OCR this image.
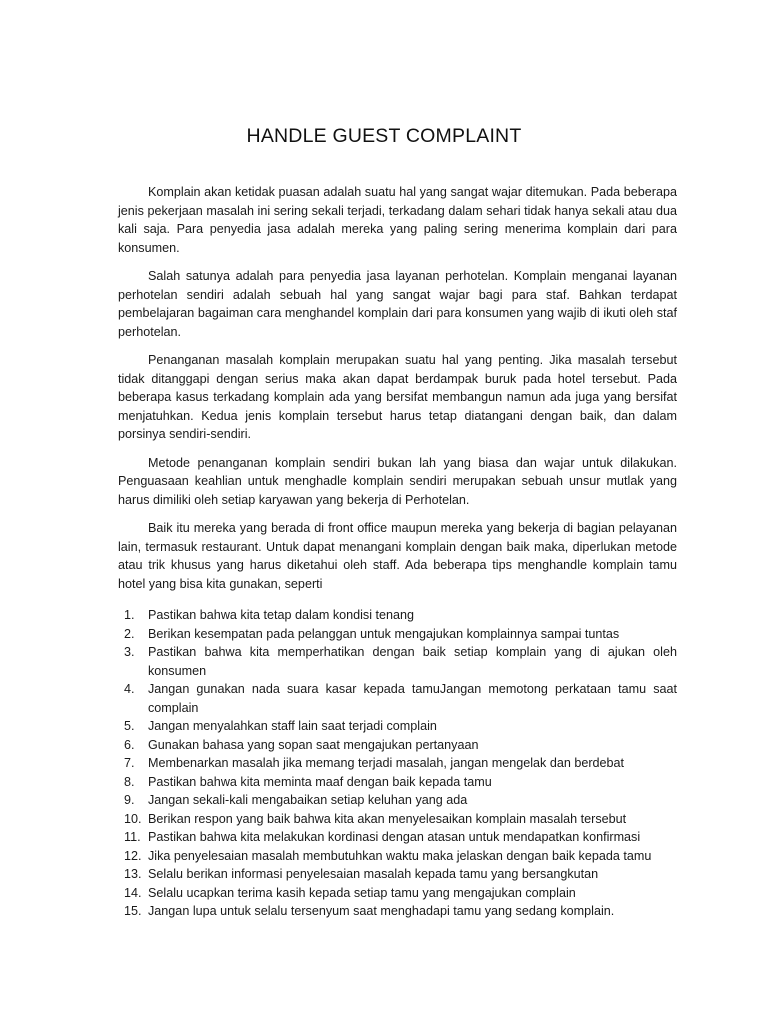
HANDLE GUEST COMPLAINT

Komplain akan ketidak puasan adalah suatu hal yang sangat wajar ditemukan. Pada beberapa jenis pekerjaan masalah ini sering sekali terjadi, terkadang dalam sehari tidak hanya sekali atau dua kali saja. Para penyedia jasa adalah mereka yang paling sering menerima komplain dari para konsumen.

Salah satunya adalah para penyedia jasa layanan perhotelan. Komplain menganai layanan perhotelan sendiri adalah sebuah hal yang sangat wajar bagi para staf. Bahkan terdapat pembelajaran bagaiman cara menghandel komplain dari para konsumen yang wajib di ikuti oleh staf perhotelan.

Penanganan masalah komplain merupakan suatu hal yang penting. Jika masalah tersebut tidak ditanggapi dengan serius maka akan dapat berdampak buruk pada hotel tersebut. Pada beberapa kasus terkadang komplain ada yang bersifat membangun namun ada juga yang bersifat menjatuhkan. Kedua jenis komplain tersebut harus tetap diatangani dengan baik, dan dalam porsinya sendiri-sendiri.

Metode penanganan komplain sendiri bukan lah yang biasa dan wajar untuk dilakukan. Penguasaan keahlian untuk menghadle komplain sendiri merupakan sebuah unsur mutlak yang harus dimiliki oleh setiap karyawan yang bekerja di Perhotelan.

Baik itu mereka yang berada di front office maupun mereka yang bekerja di bagian pelayanan lain, termasuk restaurant. Untuk dapat menangani komplain dengan baik maka, diperlukan metode atau trik khusus yang harus diketahui oleh staff. Ada beberapa tips menghandle komplain tamu hotel yang bisa kita gunakan, seperti

1.	Pastikan bahwa kita tetap dalam kondisi tenang
2.	Berikan kesempatan pada pelanggan untuk mengajukan komplainnya sampai tuntas
3.	Pastikan bahwa kita memperhatikan dengan baik setiap komplain yang di ajukan oleh konsumen
4.	Jangan gunakan nada suara kasar kepada tamuJangan memotong perkataan tamu saat complain
5.	Jangan menyalahkan staff lain saat terjadi complain
6.	Gunakan bahasa yang sopan saat mengajukan pertanyaan
7.	Membenarkan masalah jika memang terjadi masalah, jangan mengelak dan berdebat
8.	Pastikan bahwa kita meminta maaf dengan baik kepada tamu
9.	Jangan sekali-kali mengabaikan setiap keluhan yang ada
10. Berikan respon yang baik bahwa kita akan menyelesaikan komplain masalah tersebut
11. Pastikan bahwa kita melakukan kordinasi dengan atasan untuk mendapatkan konfirmasi
12. Jika penyelesaian masalah membutuhkan waktu maka jelaskan dengan baik kepada tamu
13. Selalu berikan informasi penyelesaian masalah kepada tamu yang bersangkutan
14. Selalu ucapkan terima kasih kepada setiap tamu yang mengajukan complain
15. Jangan lupa untuk selalu tersenyum saat menghadapi tamu yang sedang komplain.
